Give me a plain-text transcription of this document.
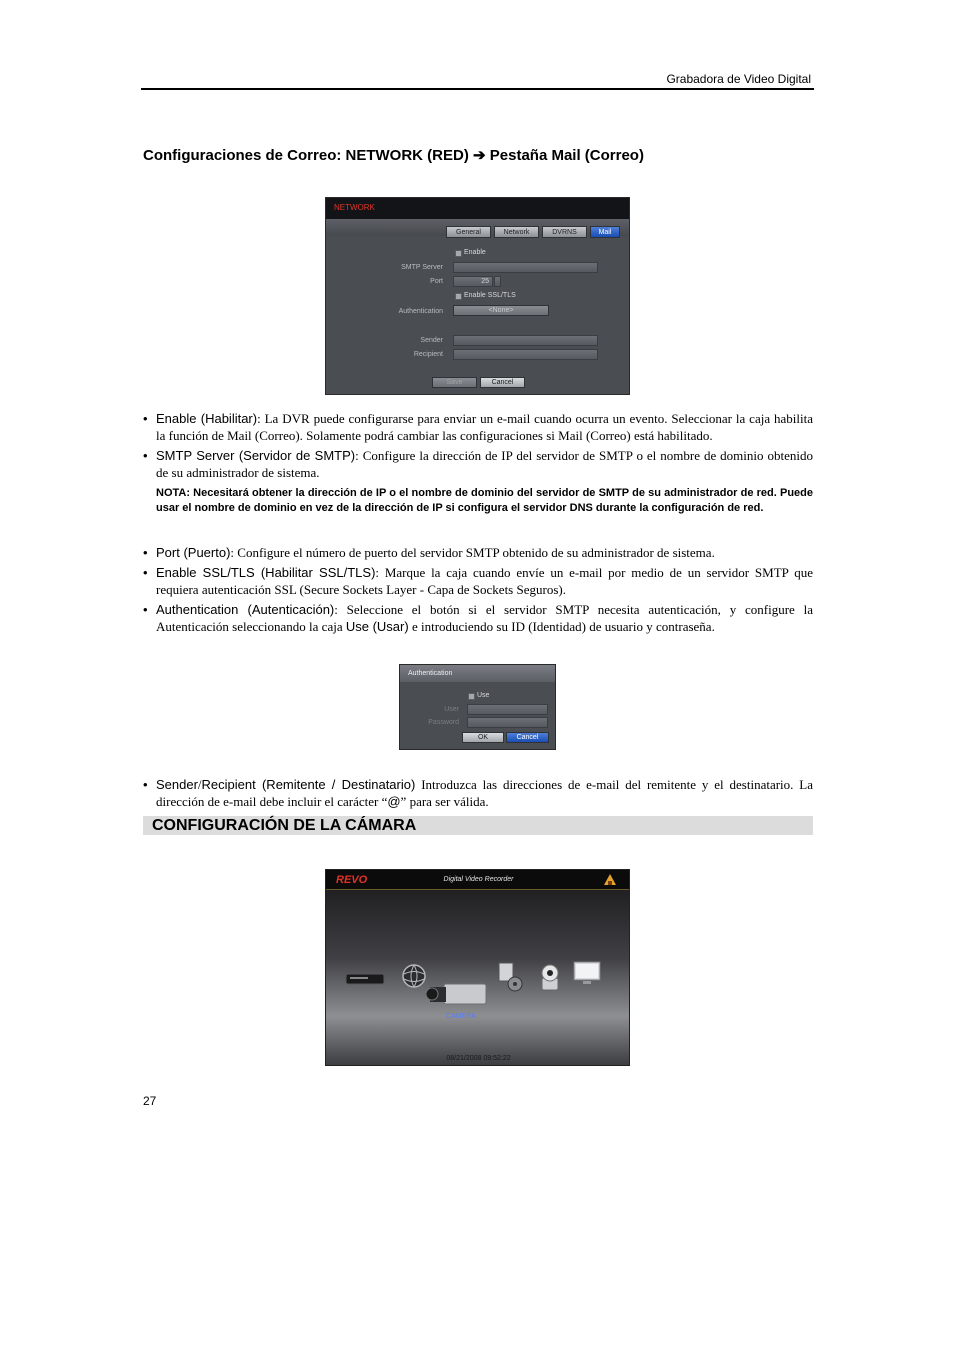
Grabadora de Video Digital
Configuraciones de Correo: NETWORK (RED) ➔ Pestaña Mail (Correo)
NETWORK
General	Network	DVRNS	Mail
Enable
SMTP Server
Port	25
Enable SSL/TLS
Authentication	<None>
Sender
Recipient
Save	Cancel
• Enable (Habilitar): La DVR puede configurarse para enviar un e-mail cuando ocurra un evento. Seleccionar la caja habilita la función de Mail (Correo). Solamente podrá cambiar las configuraciones si Mail (Correo) está habilitado.
• SMTP Server (Servidor de SMTP): Configure la dirección de IP del servidor de SMTP o el nombre de dominio obtenido de su administrador de sistema.
NOTA: Necesitará obtener la dirección de IP o el nombre de dominio del servidor de SMTP de su administrador de red. Puede usar el nombre de dominio en vez de la dirección de IP si configura el servidor DNS durante la configuración de red.
• Port (Puerto): Configure el número de puerto del servidor SMTP obtenido de su administrador de sistema.
• Enable SSL/TLS (Habilitar SSL/TLS): Marque la caja cuando envíe un e-mail por medio de un servidor SMTP que requiera autenticación SSL (Secure Sockets Layer - Capa de Sockets Seguros).
• Authentication (Autenticación): Seleccione el botón si el servidor SMTP necesita autenticación, y configure la Autenticación seleccionando la caja Use (Usar) e introduciendo su ID (Identidad) de usuario y contraseña.
Authentication
Use
User
Password
OK	Cancel
• Sender/Recipient (Remitente / Destinatario) Introduzca las direcciones de e-mail del remitente y el destinatario. La dirección de e-mail debe incluir el carácter “@” para ser válida.
CONFIGURACIÓN DE LA CÁMARA
REVO	Digital Video Recorder
CAMERA
08/21/2008 09:52:22
27
